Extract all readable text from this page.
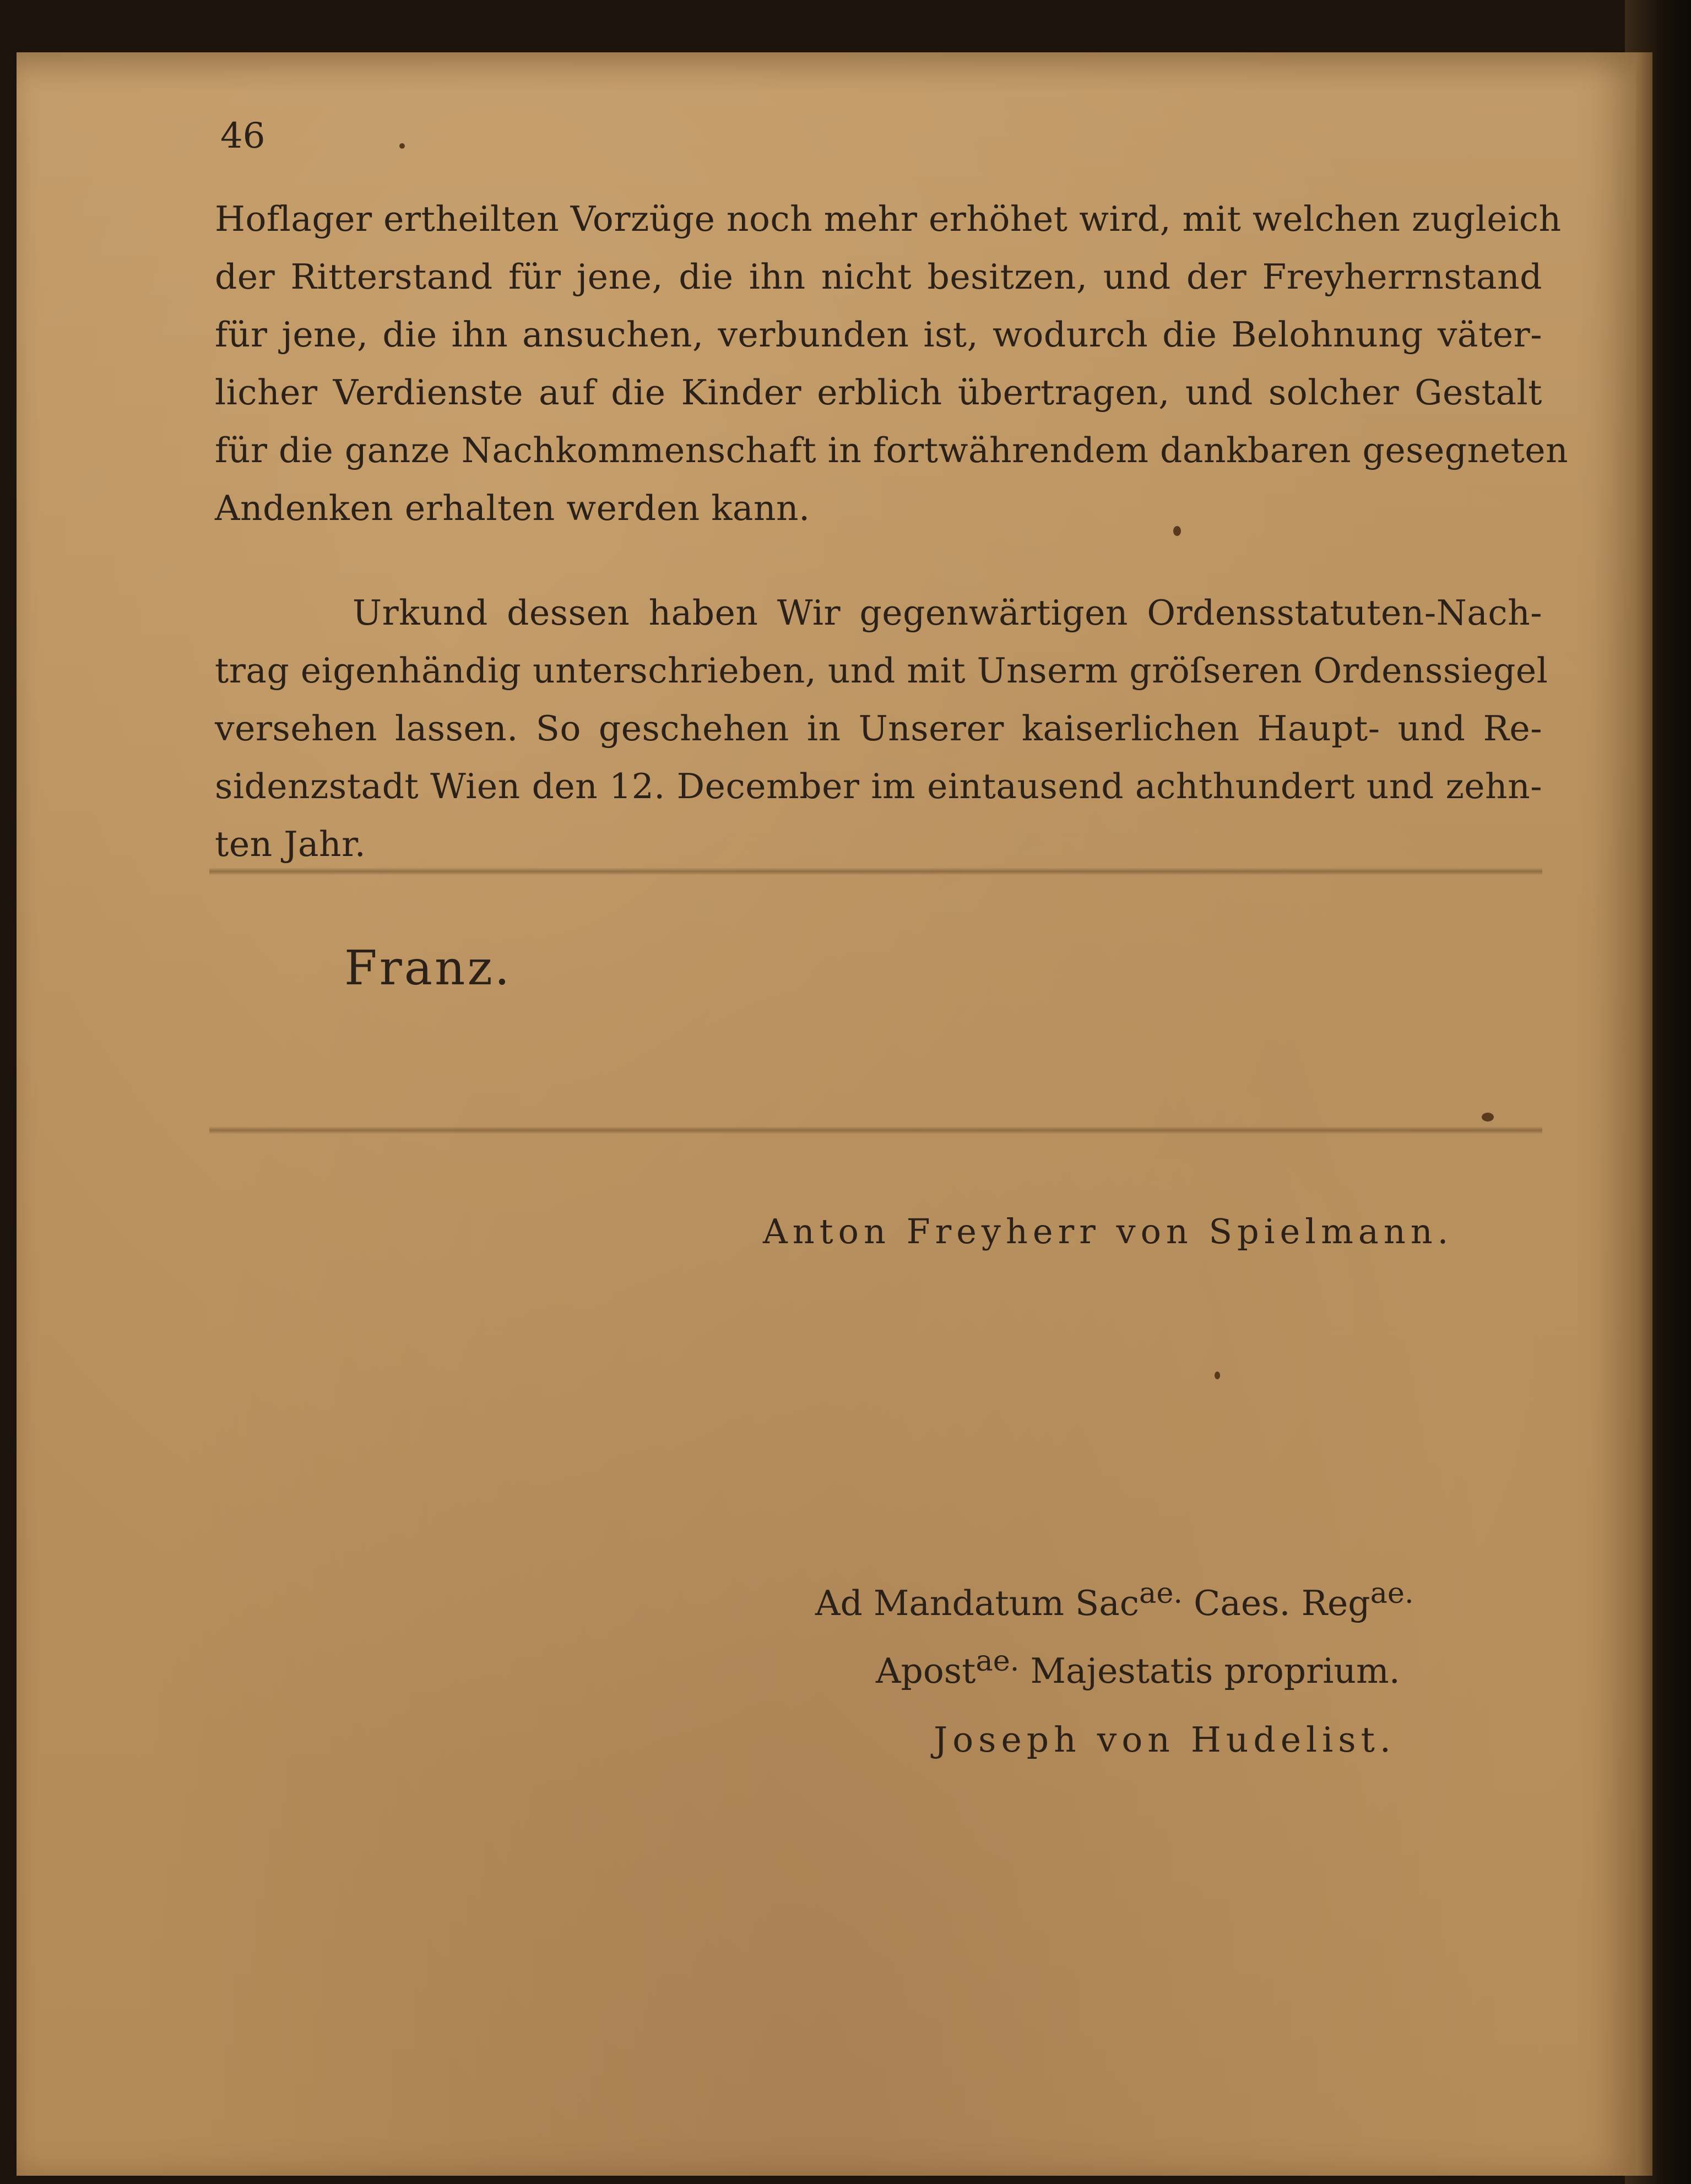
46
Hoflager ertheilten Vorzüge noch mehr erhöhet wird, mit welchen zugleich
der Ritterstand für jene, die ihn nicht besitzen, und der Freyherrnstand
für jene, die ihn ansuchen, verbunden ist, wodurch die Belohnung väter-
licher Verdienste auf die Kinder erblich übertragen, und solcher Gestalt
für die ganze Nachkommenschaft in fortwährendem dankbaren gesegneten
Andenken erhalten werden kann.
Urkund dessen haben Wir gegenwärtigen Ordensstatuten-Nach-
trag eigenhändig unterschrieben, und mit Unserm gröſseren Ordenssiegel
versehen lassen. So geschehen in Unserer kaiserlichen Haupt- und Re-
sidenzstadt Wien den 12. December im eintausend achthundert und zehn-
ten Jahr.
Franz.
Anton Freyherr von Spielmann.
Ad Mandatum Sac$^{ae.}$ Caes. Reg$^{ae.}$
Apost$^{ae.}$ Majestatis proprium.
Joseph von Hudelist.
